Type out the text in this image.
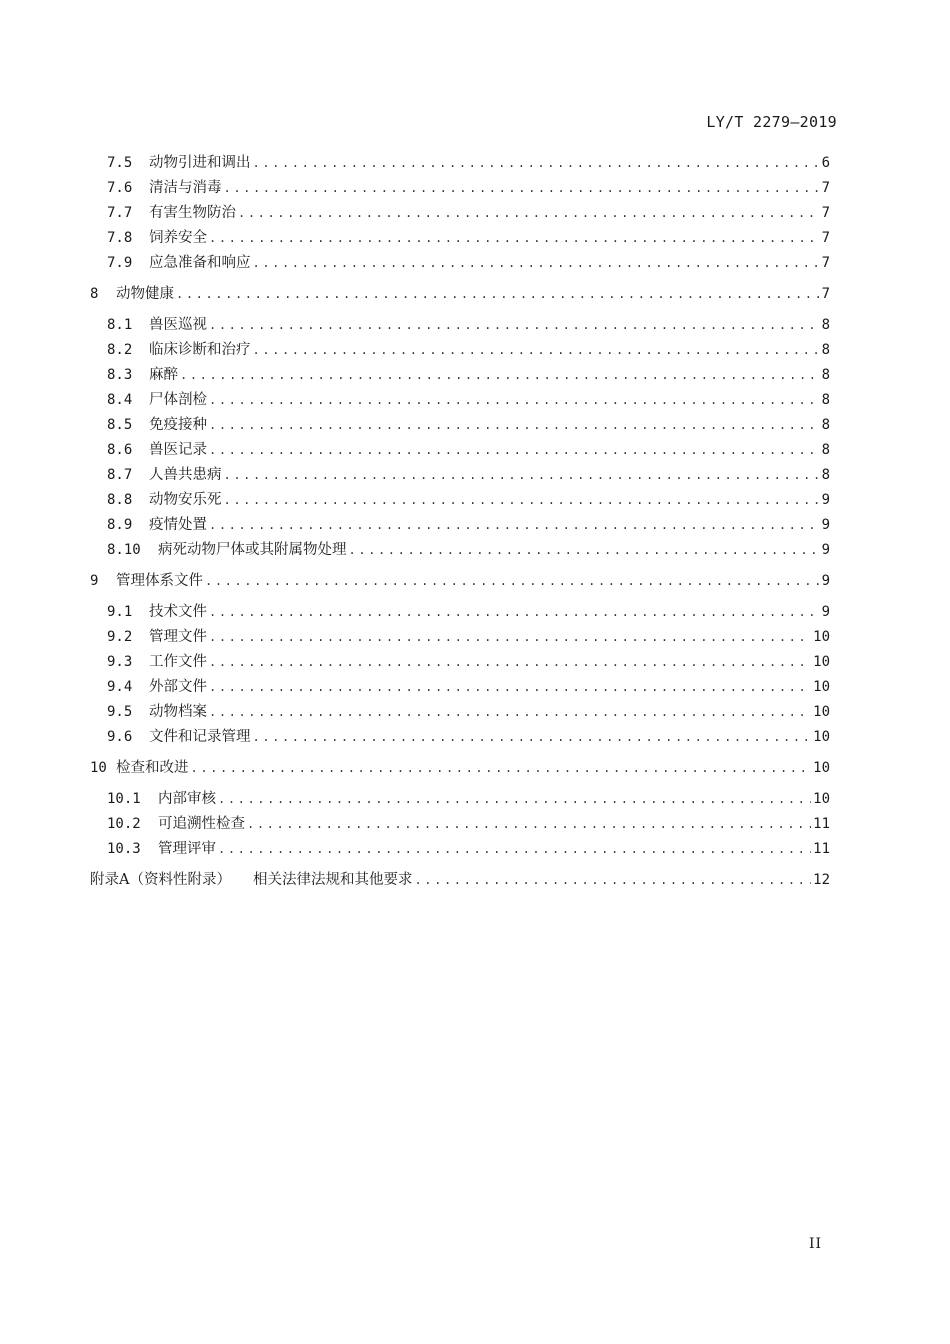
LY/T 2279—2019
7.5	动物引进和调出 .....	6
7.6	清洁与消毒 .....	7
7.7	有害生物防治 .....	7
7.8	饲养安全 .....	7
7.9	应急准备和响应 .....	7
8	动物健康 .....	7
8.1	兽医巡视 .....	8
8.2	临床诊断和治疗 .....	8
8.3	麻醉 .....	8
8.4	尸体剖检 .....	8
8.5	免疫接种 .....	8
8.6	兽医记录 .....	8
8.7	人兽共患病 .....	8
8.8	动物安乐死 .....	9
8.9	疫情处置 .....	9
8.10	病死动物尸体或其附属物处理 .....	9
9	管理体系文件 .....	9
9.1	技术文件 .....	9
9.2	管理文件 .....	10
9.3	工作文件 .....	10
9.4	外部文件 .....	10
9.5	动物档案 .....	10
9.6	文件和记录管理 .....	10
10 检查和改进 .....	10
10.1	内部审核 .....	10
10.2	可追溯性检查 .....	11
10.3	管理评审 .....	11
附录A（资料性附录） 相关法律法规和其他要求 .....	12
II
